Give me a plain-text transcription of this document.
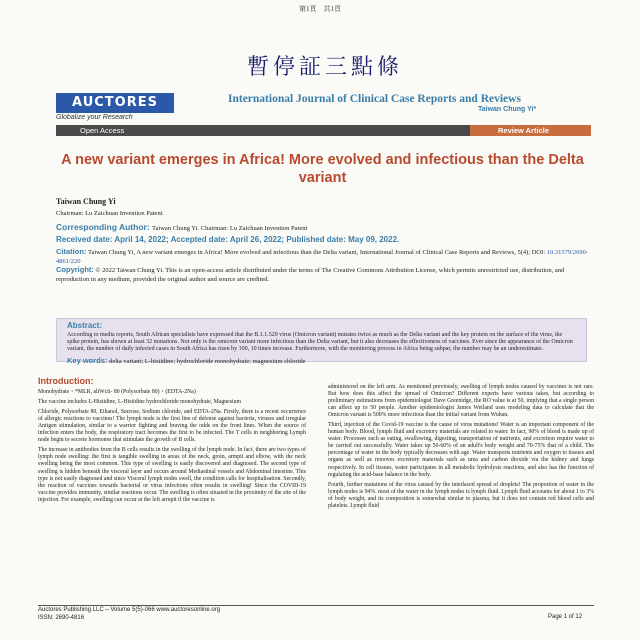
第1頁　共1頁
暫停証三點條
AUCTORES
Globalize your Research
International Journal of Clinical Case Reports and Reviews
Taiwan Chung Yi*
Open Access	Review Article
A new variant emerges in Africa! More evolved and infectious than the Delta variant
Taiwan Chung Yi
Chairman: Lu Zaichuan Invention Patent
Corresponding Author: Taiwan Chung Yi. Chairman: Lu Zaichuan Invention Patent
Received date: April 14, 2022; Accepted date: April 26, 2022; Published date: May 09, 2022.
Citation: Taiwan Chung Yi, A new variant emerges in Africa! More evolved and infectious than the Delta variant, International Journal of Clinical Case Reports and Reviews, 5(4); DOI: 10.31579/2690-4861/220
Copyright: © 2022 Taiwan Chung Yi. This is an open-access article distributed under the terms of The Creative Commons Attribution License, which permits unrestricted use, distribution, and reproduction in any medium, provided the original author and source are credited.
Abstract:
According to media reports, South African specialists have expressed that the B.1.1.529 virus (Omicron variant) mutates twice as much as the Delta variant and the key protein on the surface of the virus, the spike protein, has shown at least 32 mutations. Not only is the omicron variant more infectious than the Delta variant, but it also decreases the effectiveness of vaccines. Ever since the appearance of the Omicron variant, the number of daily infected cases in South Africa has risen by 100, 10 times increase. Furthermore, with the monitoring process in Africa being subpar, the number may be an underestimate.
Key words: delta variant; L-histidine; hydrochloride monohydrate; magnesium chloride
Introduction:

Monohydrate・*MLR, aliWcti- 80 (Polysorbate 80)・(EDTA-2Na)

The vaccine includes L-Histidine, L-Histidine hydrochloride monohydrate, Magnesium

Chloride, Polysorbate 80, Ethanol, Sucrose, Sodium chloride, and EDTA-2Na. Firstly, there is a recent occurrence of allergic reactions to vaccines! The lymph node is the first line of defense against bacteria, viruses and irregular Antigen stimulation, similar to a warrior fighting and braving the odds on the front lines. When the source of infection enters the body, the respiratory tract becomes the first to be infected. The T cells in neighboring Lymph node begin to secrete hormones that stimulate the growth of B cells.

The increase in antibodies from the B cells results in the swelling of the lymph node. In fact, there are two types of lymph node swelling: the first is tangible swelling in areas of the neck, groin, armpit and elbow, with the neck swelling being the most common. This type of swelling is easily discovered and diagnosed. The second type of swelling is hidden beneath the visceral layer and occurs around Mediastinal vessels and Abdominal intestine. This type is not easily diagnosed and since Visceral lymph nodes swell, the condition calls for hospitalisation. Secondly, the reaction of vaccines towards bacterial or virus infections often results in swelling! Since the COVID-19 vaccine provides immunity, similar reactions occur. The swelling is often situated in the proximity of the site of the injection. For example, swelling can occur at the left armpit if the vaccine is

administered on the left arm. As mentioned previously, swelling of lymph nodes caused by vaccines is not rare. But how does this affect the spread of Omicron? Different experts have various takes, but according to preliminary estimations from epidemiologist Dave Greenidge, the RO value is at 50, implying that a single person can affect up to 50 people. Another epidemiologist James Weiland uses modeling data to calculate that the Omicron variant is 500% more infectious than the initial variant from Wuhan.

Third, injection of the Covid-19 vaccine is the cause of virus mutations! Water is an important component of the human body. Blood, lymph fluid and excretory materials are related to water. In fact, 90% of blood is made up of water. Processes such as eating, swallowing, digesting, transportation of nutrients, and excretion require water to be carried out successfully. Water takes up 50-60% of an adult's body weight and 70-75% that of a child. The percentage of water in the body typically decreases with age. Water transports nutrients and oxygen to tissues and organs as well as removes excretory materials such as urea and carbon dioxide via the kidney and lungs respectively. In cell tissues, water participates in all metabolic hydrolysis reactions, and also has the function of regulating the acid-base balance in the body.

Fourth, further mutations of the virus caused by the interlaced spread of droplets! The proportion of water in the lymph nodes is 94%. most of the water in the lymph nodes is lymph fluid. Lymph fluid accounts for about 1 to 3% of body weight, and its composition is somewhat similar to plasma, but it does not contain red blood cells and platelets. Lymph fluid

Auctores Publishing LLC – Volume 5(5)-066 www.auctoresonline.org
ISSN: 2690-4816	Page 1 of 12
